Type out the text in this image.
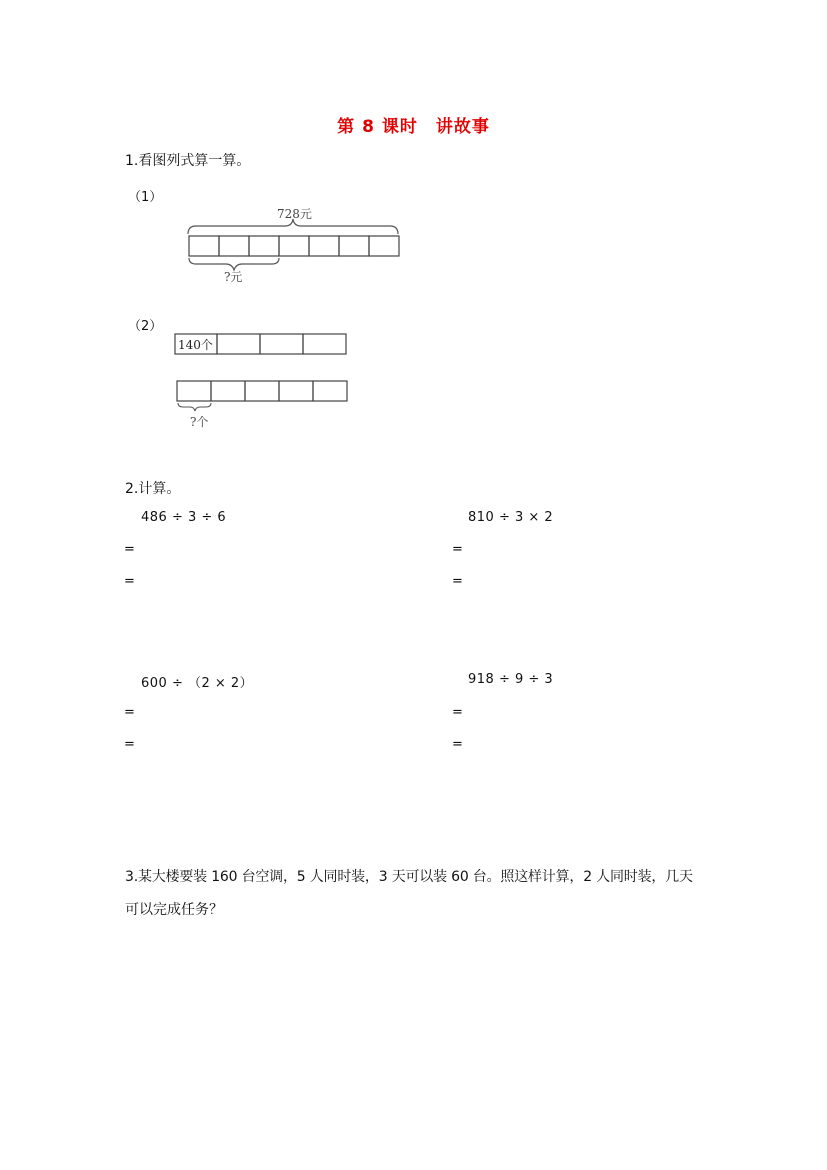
第 8 课时　讲故事
1.看图列式算一算。
（1）
728元
?元
（2）
140个
?个
2.计算。
486 ÷ 3 ÷ 6
=
=
810 ÷ 3 × 2
=
=
600 ÷ （2 × 2）
=
=
918 ÷ 9 ÷ 3
=
=
3.某大楼要装 160 台空调，5 人同时装，3 天可以装 60 台。照这样计算，2 人同时装，几天
可以完成任务？
